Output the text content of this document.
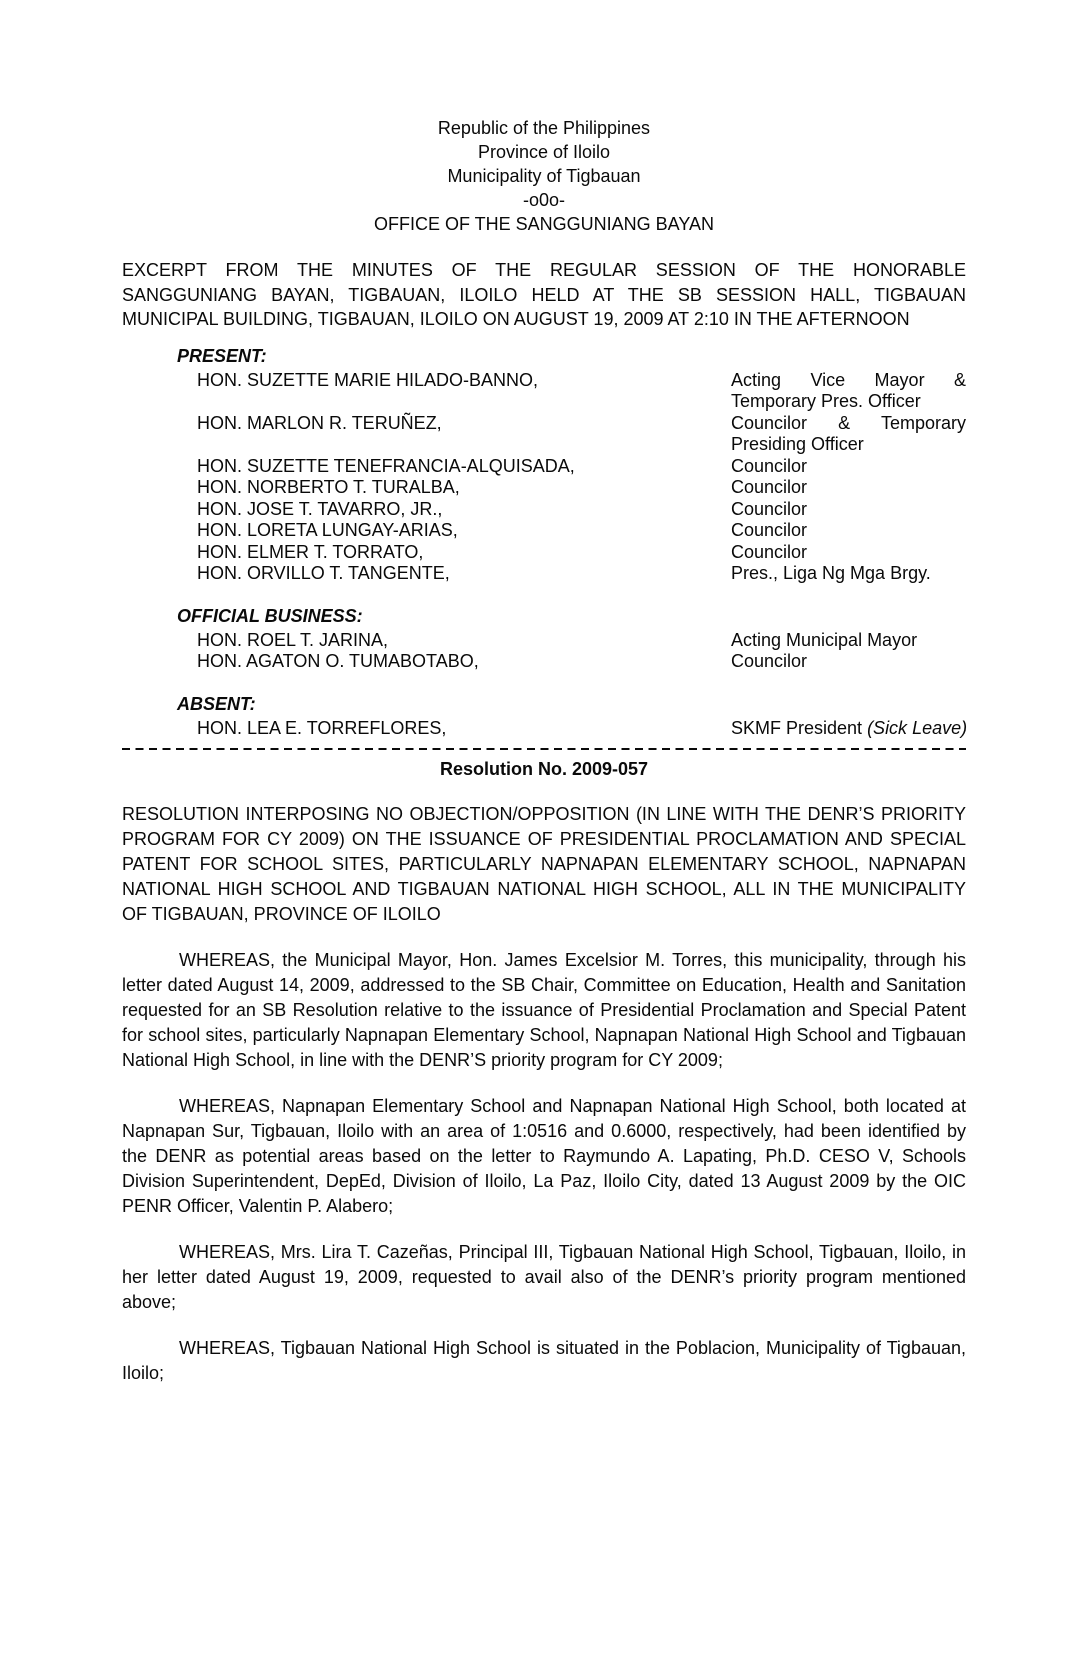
Republic of the Philippines
Province of Iloilo
Municipality of Tigbauan
-o0o-
OFFICE OF THE SANGGUNIANG BAYAN

EXCERPT FROM THE MINUTES OF THE REGULAR SESSION OF THE HONORABLE SANGGUNIANG BAYAN, TIGBAUAN, ILOILO HELD AT THE SB SESSION HALL, TIGBAUAN MUNICIPAL BUILDING, TIGBAUAN, ILOILO ON AUGUST 19, 2009 AT 2:10 IN THE AFTERNOON

PRESENT:
HON. SUZETTE MARIE HILADO-BANNO,	Acting Vice Mayor & Temporary Pres. Officer
HON. MARLON R. TERUÑEZ,	Councilor & Temporary Presiding Officer
HON. SUZETTE TENEFRANCIA-ALQUISADA,	Councilor
HON. NORBERTO T. TURALBA,	Councilor
HON. JOSE T. TAVARRO, JR.,	Councilor
HON. LORETA LUNGAY-ARIAS,	Councilor
HON. ELMER T. TORRATO,	Councilor
HON. ORVILLO T. TANGENTE,	Pres., Liga Ng Mga Brgy.
OFFICIAL BUSINESS:
HON. ROEL T. JARINA,	Acting Municipal Mayor
HON. AGATON O. TUMABOTABO,	Councilor
ABSENT:
HON. LEA E. TORREFLORES,	SKMF President (Sick Leave)
Resolution No. 2009-057

RESOLUTION INTERPOSING NO OBJECTION/OPPOSITION (IN LINE WITH THE DENR’S PRIORITY PROGRAM FOR CY 2009) ON THE ISSUANCE OF PRESIDENTIAL PROCLAMATION AND SPECIAL PATENT FOR SCHOOL SITES, PARTICULARLY NAPNAPAN ELEMENTARY SCHOOL, NAPNAPAN NATIONAL HIGH SCHOOL AND TIGBAUAN NATIONAL HIGH SCHOOL, ALL IN THE MUNICIPALITY OF TIGBAUAN, PROVINCE OF ILOILO

WHEREAS, the Municipal Mayor, Hon. James Excelsior M. Torres, this municipality, through his letter dated August 14, 2009, addressed to the SB Chair, Committee on Education, Health and Sanitation requested for an SB Resolution relative to the issuance of Presidential Proclamation and Special Patent for school sites, particularly Napnapan Elementary School, Napnapan National High School and Tigbauan National High School, in line with the DENR’S priority program for CY 2009;

WHEREAS, Napnapan Elementary School and Napnapan National High School, both located at Napnapan Sur, Tigbauan, Iloilo with an area of 1:0516 and 0.6000, respectively, had been identified by the DENR as potential areas based on the letter to Raymundo A. Lapating, Ph.D. CESO V, Schools Division Superintendent, DepEd, Division of Iloilo, La Paz, Iloilo City, dated 13 August 2009 by the OIC PENR Officer, Valentin P. Alabero;

WHEREAS, Mrs. Lira T. Cazeñas, Principal III, Tigbauan National High School, Tigbauan, Iloilo, in her letter dated August 19, 2009, requested to avail also of the DENR’s priority program mentioned above;

WHEREAS, Tigbauan National High School is situated in the Poblacion, Municipality of Tigbauan, Iloilo;
